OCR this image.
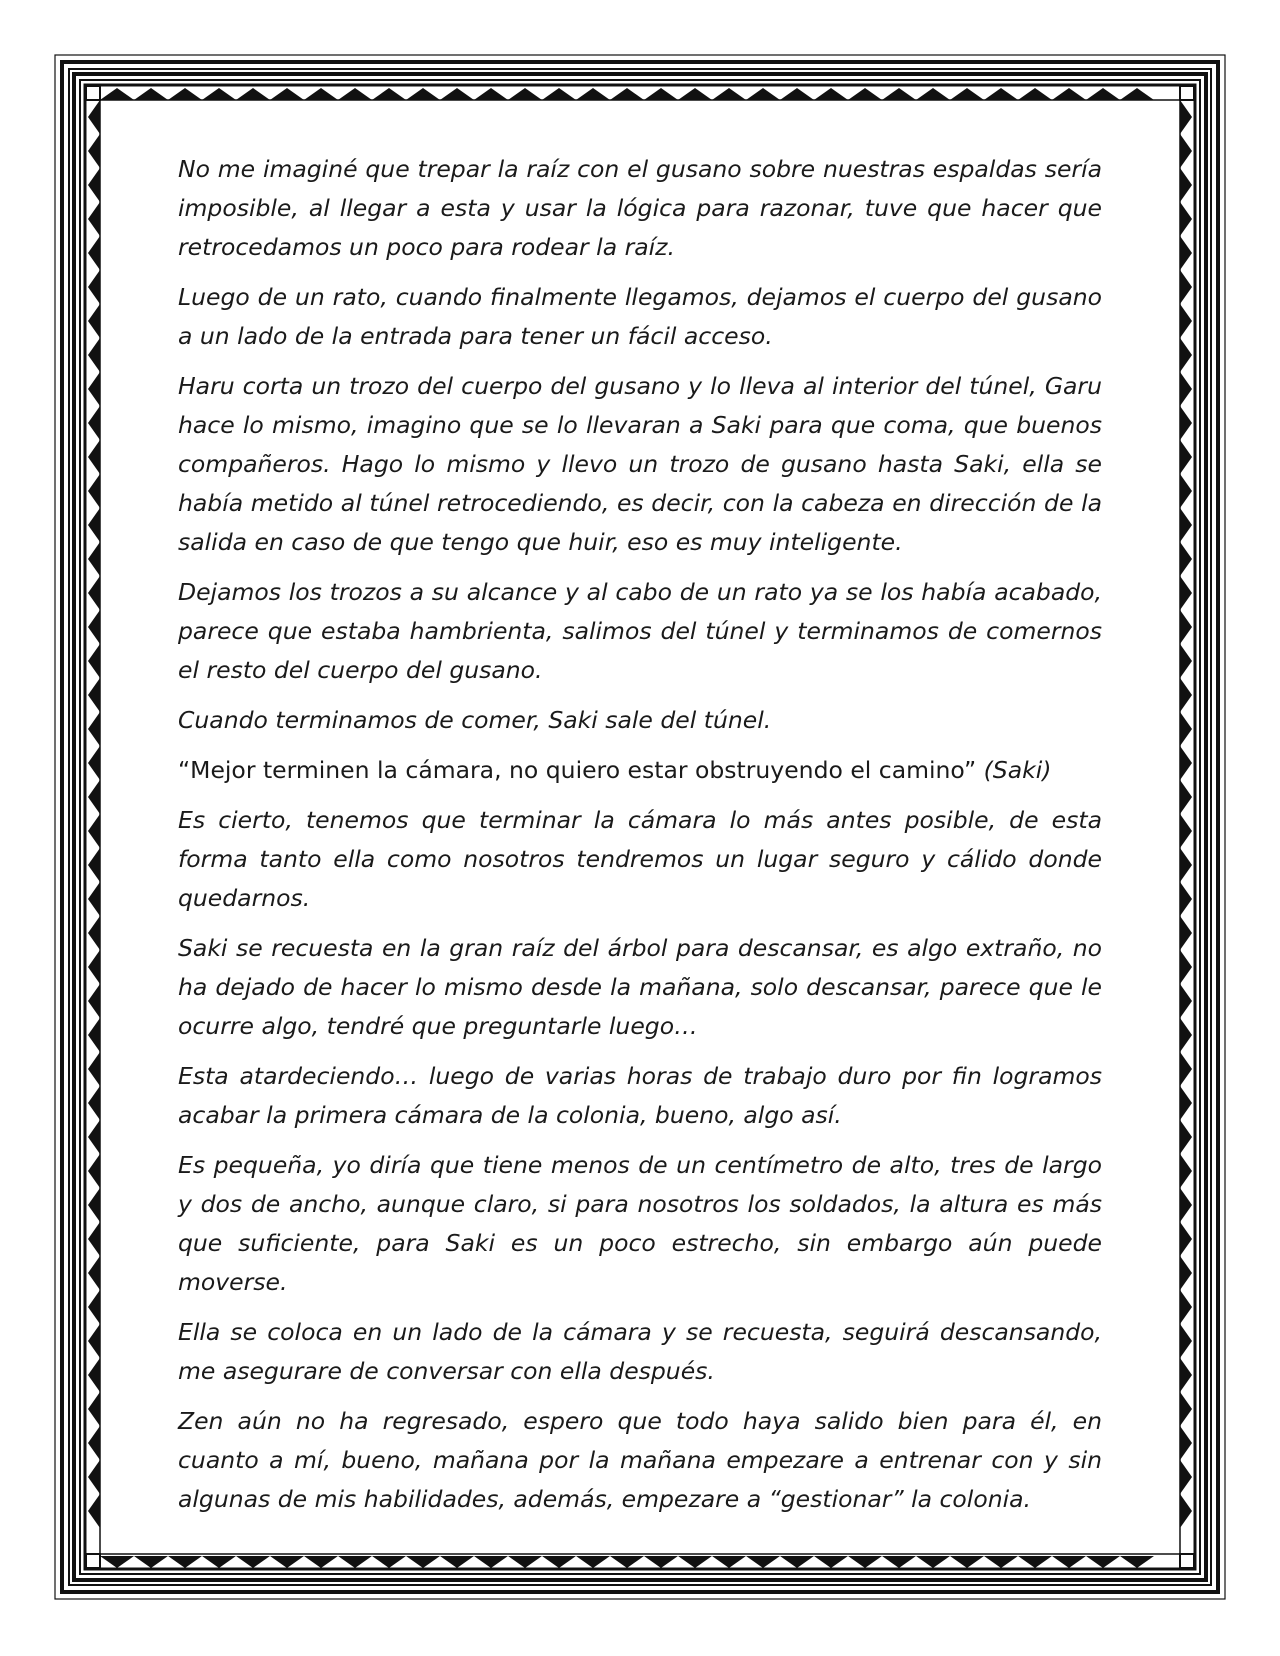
No me imaginé que trepar la raíz con el gusano sobre nuestras espaldas sería imposible, al llegar a esta y usar la lógica para razonar, tuve que hacer que retrocedamos un poco para rodear la raíz.

Luego de un rato, cuando finalmente llegamos, dejamos el cuerpo del gusano a un lado de la entrada para tener un fácil acceso.

Haru corta un trozo del cuerpo del gusano y lo lleva al interior del túnel, Garu hace lo mismo, imagino que se lo llevaran a Saki para que coma, que buenos compañeros. Hago lo mismo y llevo un trozo de gusano hasta Saki, ella se había metido al túnel retrocediendo, es decir, con la cabeza en dirección de la salida en caso de que tengo que huir, eso es muy inteligente.

Dejamos los trozos a su alcance y al cabo de un rato ya se los había acabado, parece que estaba hambrienta, salimos del túnel y terminamos de comernos el resto del cuerpo del gusano.

Cuando terminamos de comer, Saki sale del túnel.

“Mejor terminen la cámara, no quiero estar obstruyendo el camino” (Saki)

Es cierto, tenemos que terminar la cámara lo más antes posible, de esta forma tanto ella como nosotros tendremos un lugar seguro y cálido donde quedarnos.

Saki se recuesta en la gran raíz del árbol para descansar, es algo extraño, no ha dejado de hacer lo mismo desde la mañana, solo descansar, parece que le ocurre algo, tendré que preguntarle luego…

Esta atardeciendo… luego de varias horas de trabajo duro por fin logramos acabar la primera cámara de la colonia, bueno, algo así.

Es pequeña, yo diría que tiene menos de un centímetro de alto, tres de largo y dos de ancho, aunque claro, si para nosotros los soldados, la altura es más que suficiente, para Saki es un poco estrecho, sin embargo aún puede moverse.

Ella se coloca en un lado de la cámara y se recuesta, seguirá descansando, me asegurare de conversar con ella después.

Zen aún no ha regresado, espero que todo haya salido bien para él, en cuanto a mí, bueno, mañana por la mañana empezare a entrenar con y sin algunas de mis habilidades, además, empezare a “gestionar” la colonia.
